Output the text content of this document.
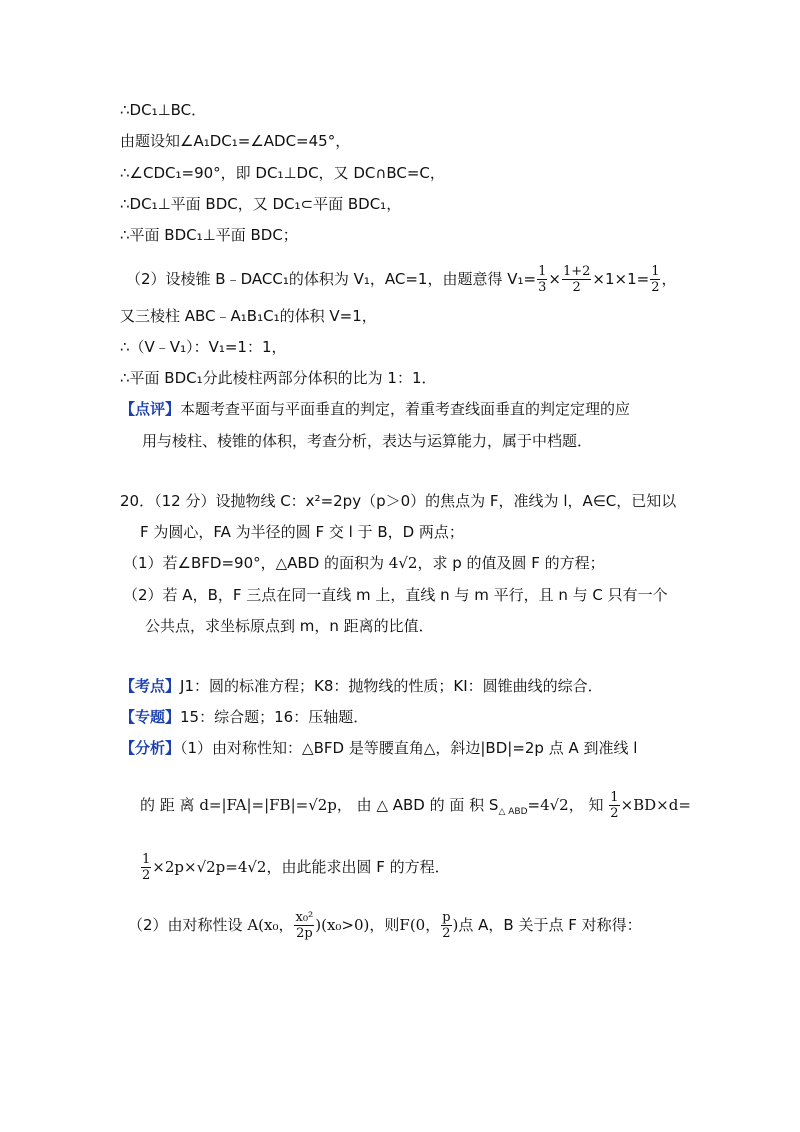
∴DC₁⊥BC．
由题设知∠A₁DC₁=∠ADC=45°，
∴∠CDC₁=90°，即 DC₁⊥DC，又 DC∩BC=C，
∴DC₁⊥平面 BDC，又 DC₁⊂平面 BDC₁，
∴平面 BDC₁⊥平面 BDC；
（2）设棱锥 B﹣DACC₁的体积为 V₁，AC=1，由题意得 $V_1= \frac{1}{3} \times \frac{1+2}{2} \times 1\times 1= \frac{1}{2}$ ，
又三棱柱 ABC﹣A₁B₁C₁的体积 V=1，
∴（V﹣V₁）：V₁=1：1，
∴平面 BDC₁分此棱柱两部分体积的比为 1：1．
【点评】本题考查平面与平面垂直的判定，着重考查线面垂直的判定定理的应
用与棱柱、棱锥的体积，考查分析，表达与运算能力，属于中档题．
20．（12 分）设抛物线 C：x²=2py（p＞0）的焦点为 F，准线为 l，A∈C，已知以
F 为圆心，FA 为半径的圆 F 交 l 于 B，D 两点；
（1）若∠BFD=90°，△ABD 的面积为 4√2，求 p 的值及圆 F 的方程；
（2）若 A，B，F 三点在同一直线 m 上，直线 n 与 m 平行，且 n 与 C 只有一个
公共点，求坐标原点到 m，n 距离的比值．
【考点】J1：圆的标准方程；K8：抛物线的性质；KI：圆锥曲线的综合．
【专题】15：综合题；16：压轴题．
【分析】（1）由对称性知：△BFD 是等腰直角△，斜边|BD|=2p 点 A 到准线 l
的 距 离 d=|FA|=|FB|=√2p， 由 △ ABD 的 面 积 $S_{\triangle ABD}=4√2$， 知 $\frac{1}{2} \times BD\times d=$
$\frac{1}{2} \times 2p\times√2p=4√2$，由此能求出圆 F 的方程．
（2）由对称性设 A(x₀， $\frac{\text{x₀²}}{2p} )(x_0>0)$，则F(0， $\frac{p}{2}$ )点 A，B 关于点 F 对称得：
